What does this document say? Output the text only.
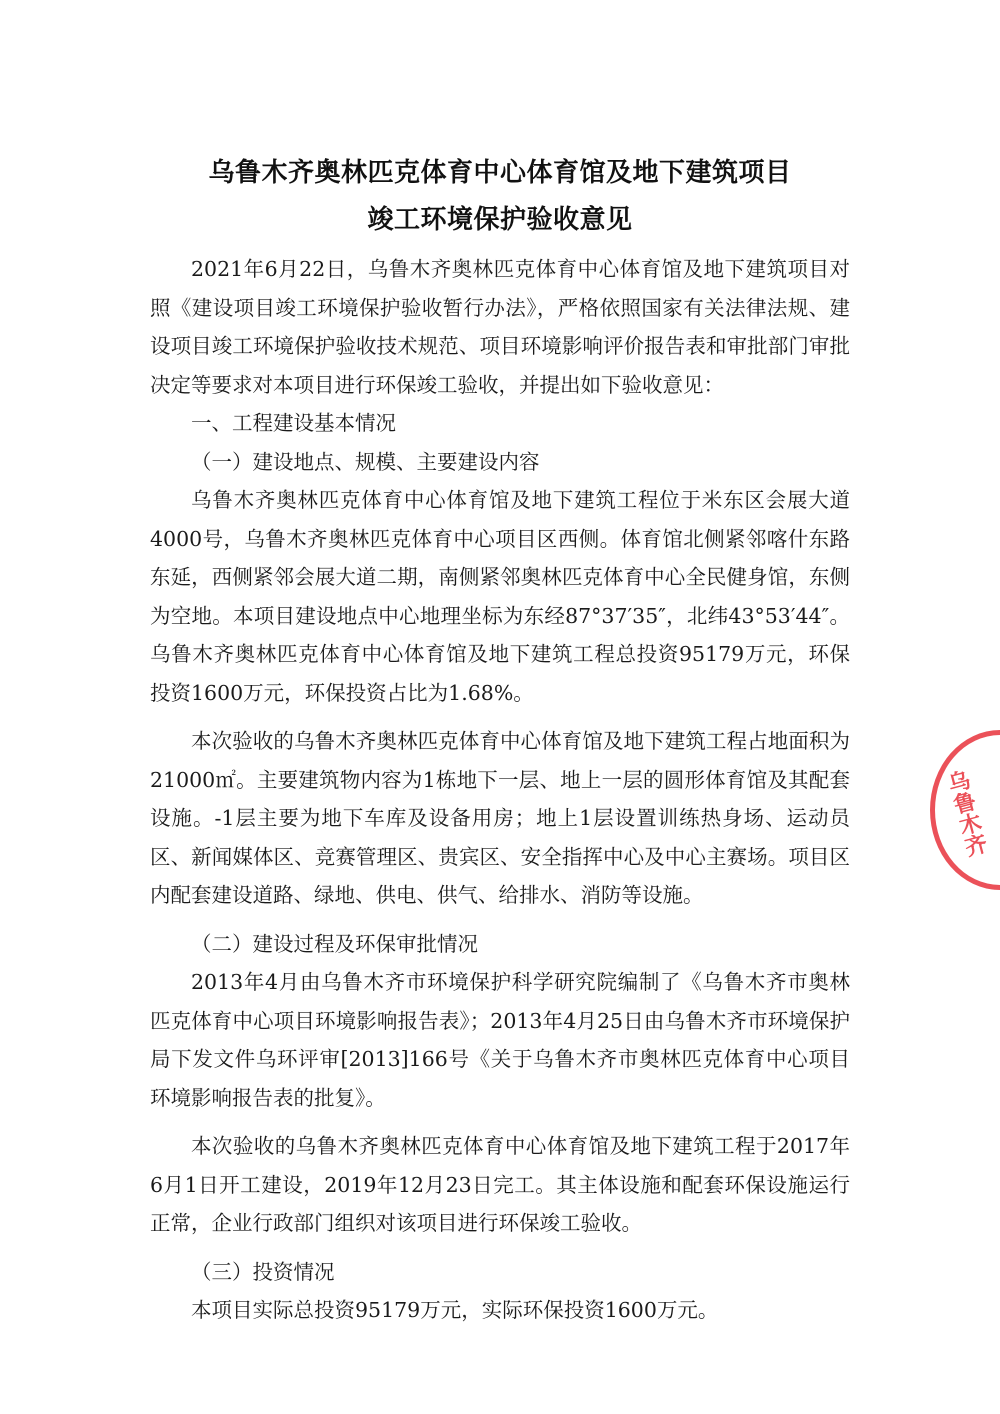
乌鲁木齐奥林匹克体育中心体育馆及地下建筑项目
竣工环境保护验收意见

2021年6月22日，乌鲁木齐奥林匹克体育中心体育馆及地下建筑项目对照《建设项目竣工环境保护验收暂行办法》，严格依照国家有关法律法规、建设项目竣工环境保护验收技术规范、项目环境影响评价报告表和审批部门审批决定等要求对本项目进行环保竣工验收，并提出如下验收意见：

一、工程建设基本情况

（一）建设地点、规模、主要建设内容

乌鲁木齐奥林匹克体育中心体育馆及地下建筑工程位于米东区会展大道4000号，乌鲁木齐奥林匹克体育中心项目区西侧。体育馆北侧紧邻喀什东路东延，西侧紧邻会展大道二期，南侧紧邻奥林匹克体育中心全民健身馆，东侧为空地。本项目建设地点中心地理坐标为东经87°37′35″，北纬43°53′44″。乌鲁木齐奥林匹克体育中心体育馆及地下建筑工程总投资95179万元，环保投资1600万元，环保投资占比为1.68%。

本次验收的乌鲁木齐奥林匹克体育中心体育馆及地下建筑工程占地面积为21000㎡。主要建筑物内容为1栋地下一层、地上一层的圆形体育馆及其配套设施。-1层主要为地下车库及设备用房；地上1层设置训练热身场、运动员区、新闻媒体区、竞赛管理区、贵宾区、安全指挥中心及中心主赛场。项目区内配套建设道路、绿地、供电、供气、给排水、消防等设施。

（二）建设过程及环保审批情况

2013年4月由乌鲁木齐市环境保护科学研究院编制了《乌鲁木齐市奥林匹克体育中心项目环境影响报告表》；2013年4月25日由乌鲁木齐市环境保护局下发文件乌环评审[2013]166号《关于乌鲁木齐市奥林匹克体育中心项目环境影响报告表的批复》。

本次验收的乌鲁木齐奥林匹克体育中心体育馆及地下建筑工程于2017年6月1日开工建设，2019年12月23日完工。其主体设施和配套环保设施运行正常，企业行政部门组织对该项目进行环保竣工验收。

（三）投资情况

本项目实际总投资95179万元，实际环保投资1600万元。

乌鲁木齐
